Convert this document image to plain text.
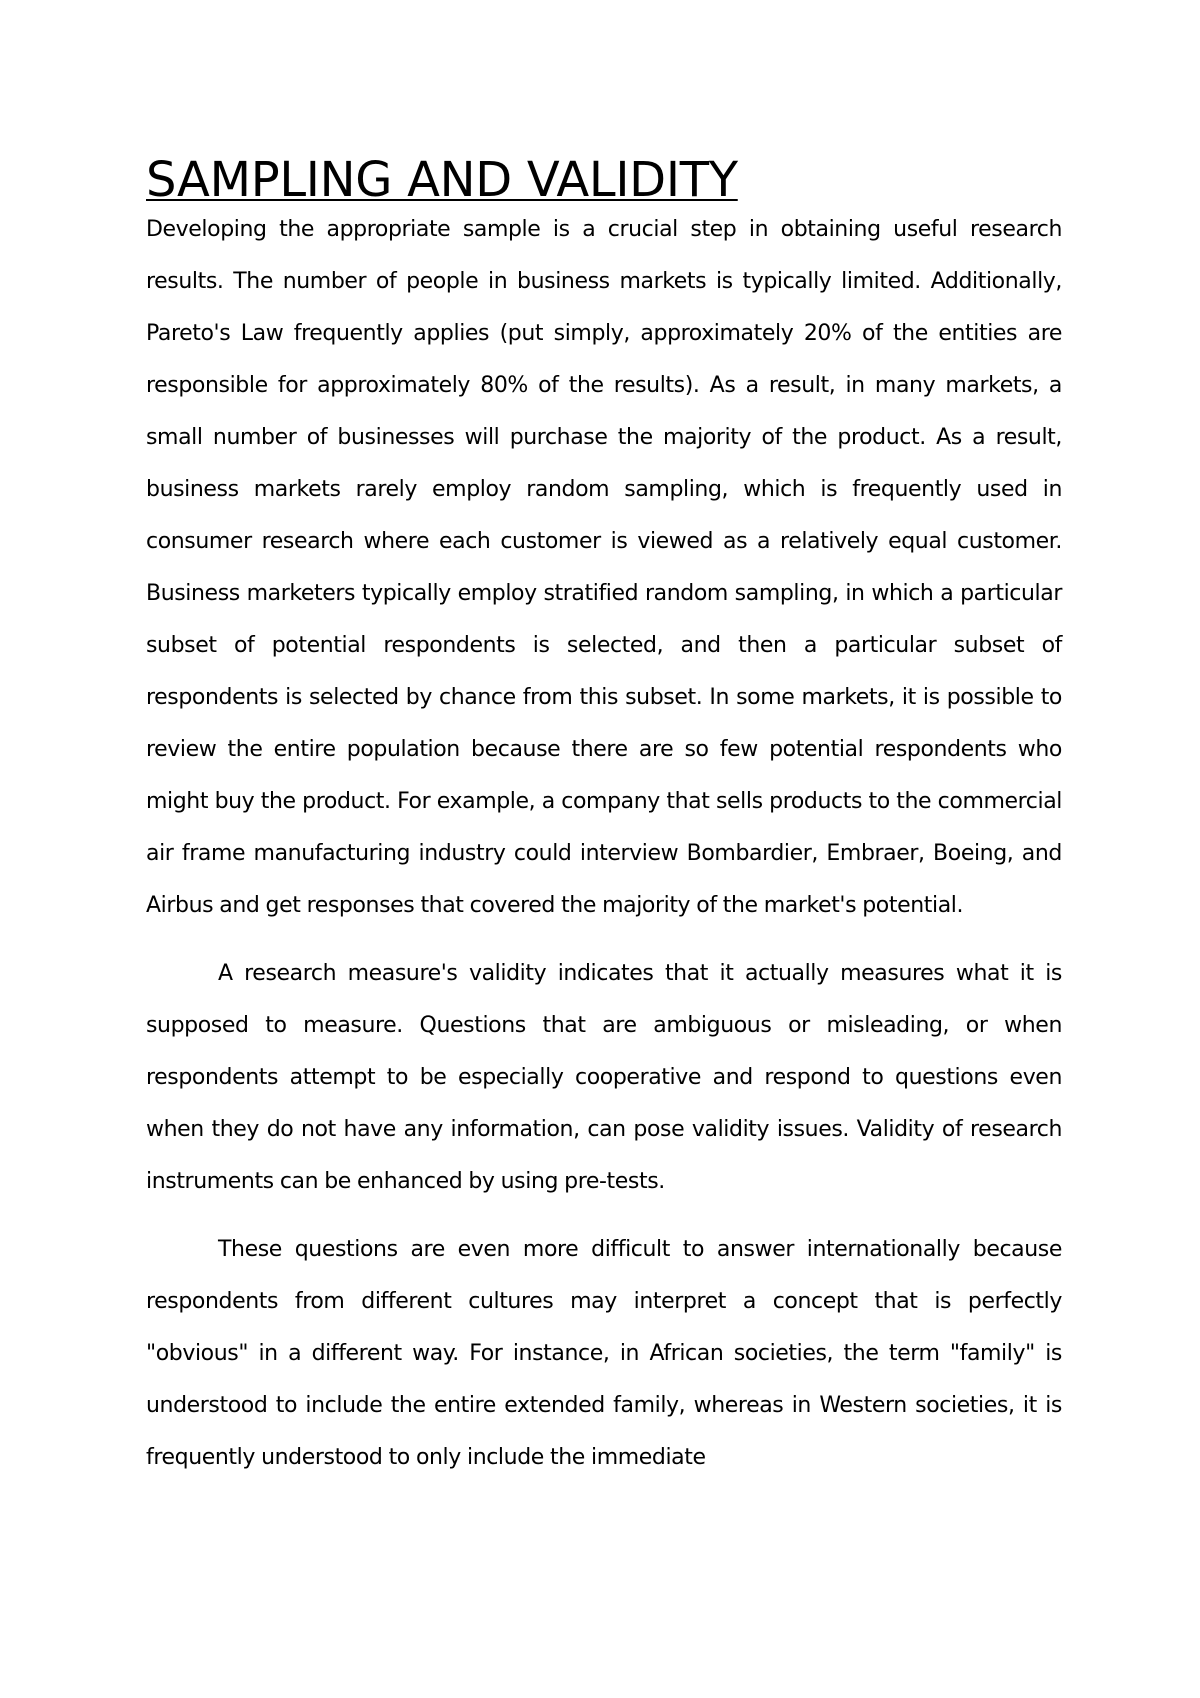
SAMPLING AND VALIDITY

Developing the appropriate sample is a crucial step in obtaining useful research results. The number of people in business markets is typically limited. Additionally, Pareto's Law frequently applies (put simply, approximately 20% of the entities are responsible for approximately 80% of the results). As a result, in many markets, a small number of businesses will purchase the majority of the product. As a result, business markets rarely employ random sampling, which is frequently used in consumer research where each customer is viewed as a relatively equal customer. Business marketers typically employ stratified random sampling, in which a particular subset of potential respondents is selected, and then a particular subset of respondents is selected by chance from this subset. In some markets, it is possible to review the entire population because there are so few potential respondents who might buy the product. For example, a company that sells products to the commercial air frame manufacturing industry could interview Bombardier, Embraer, Boeing, and Airbus and get responses that covered the majority of the market's potential.

A research measure's validity indicates that it actually measures what it is supposed to measure. Questions that are ambiguous or misleading, or when respondents attempt to be especially cooperative and respond to questions even when they do not have any information, can pose validity issues. Validity of research instruments can be enhanced by using pre-tests.

These questions are even more difficult to answer internationally because respondents from different cultures may interpret a concept that is perfectly "obvious" in a different way. For instance, in African societies, the term "family" is understood to include the entire extended family, whereas in Western societies, it is frequently understood to only include the immediate
